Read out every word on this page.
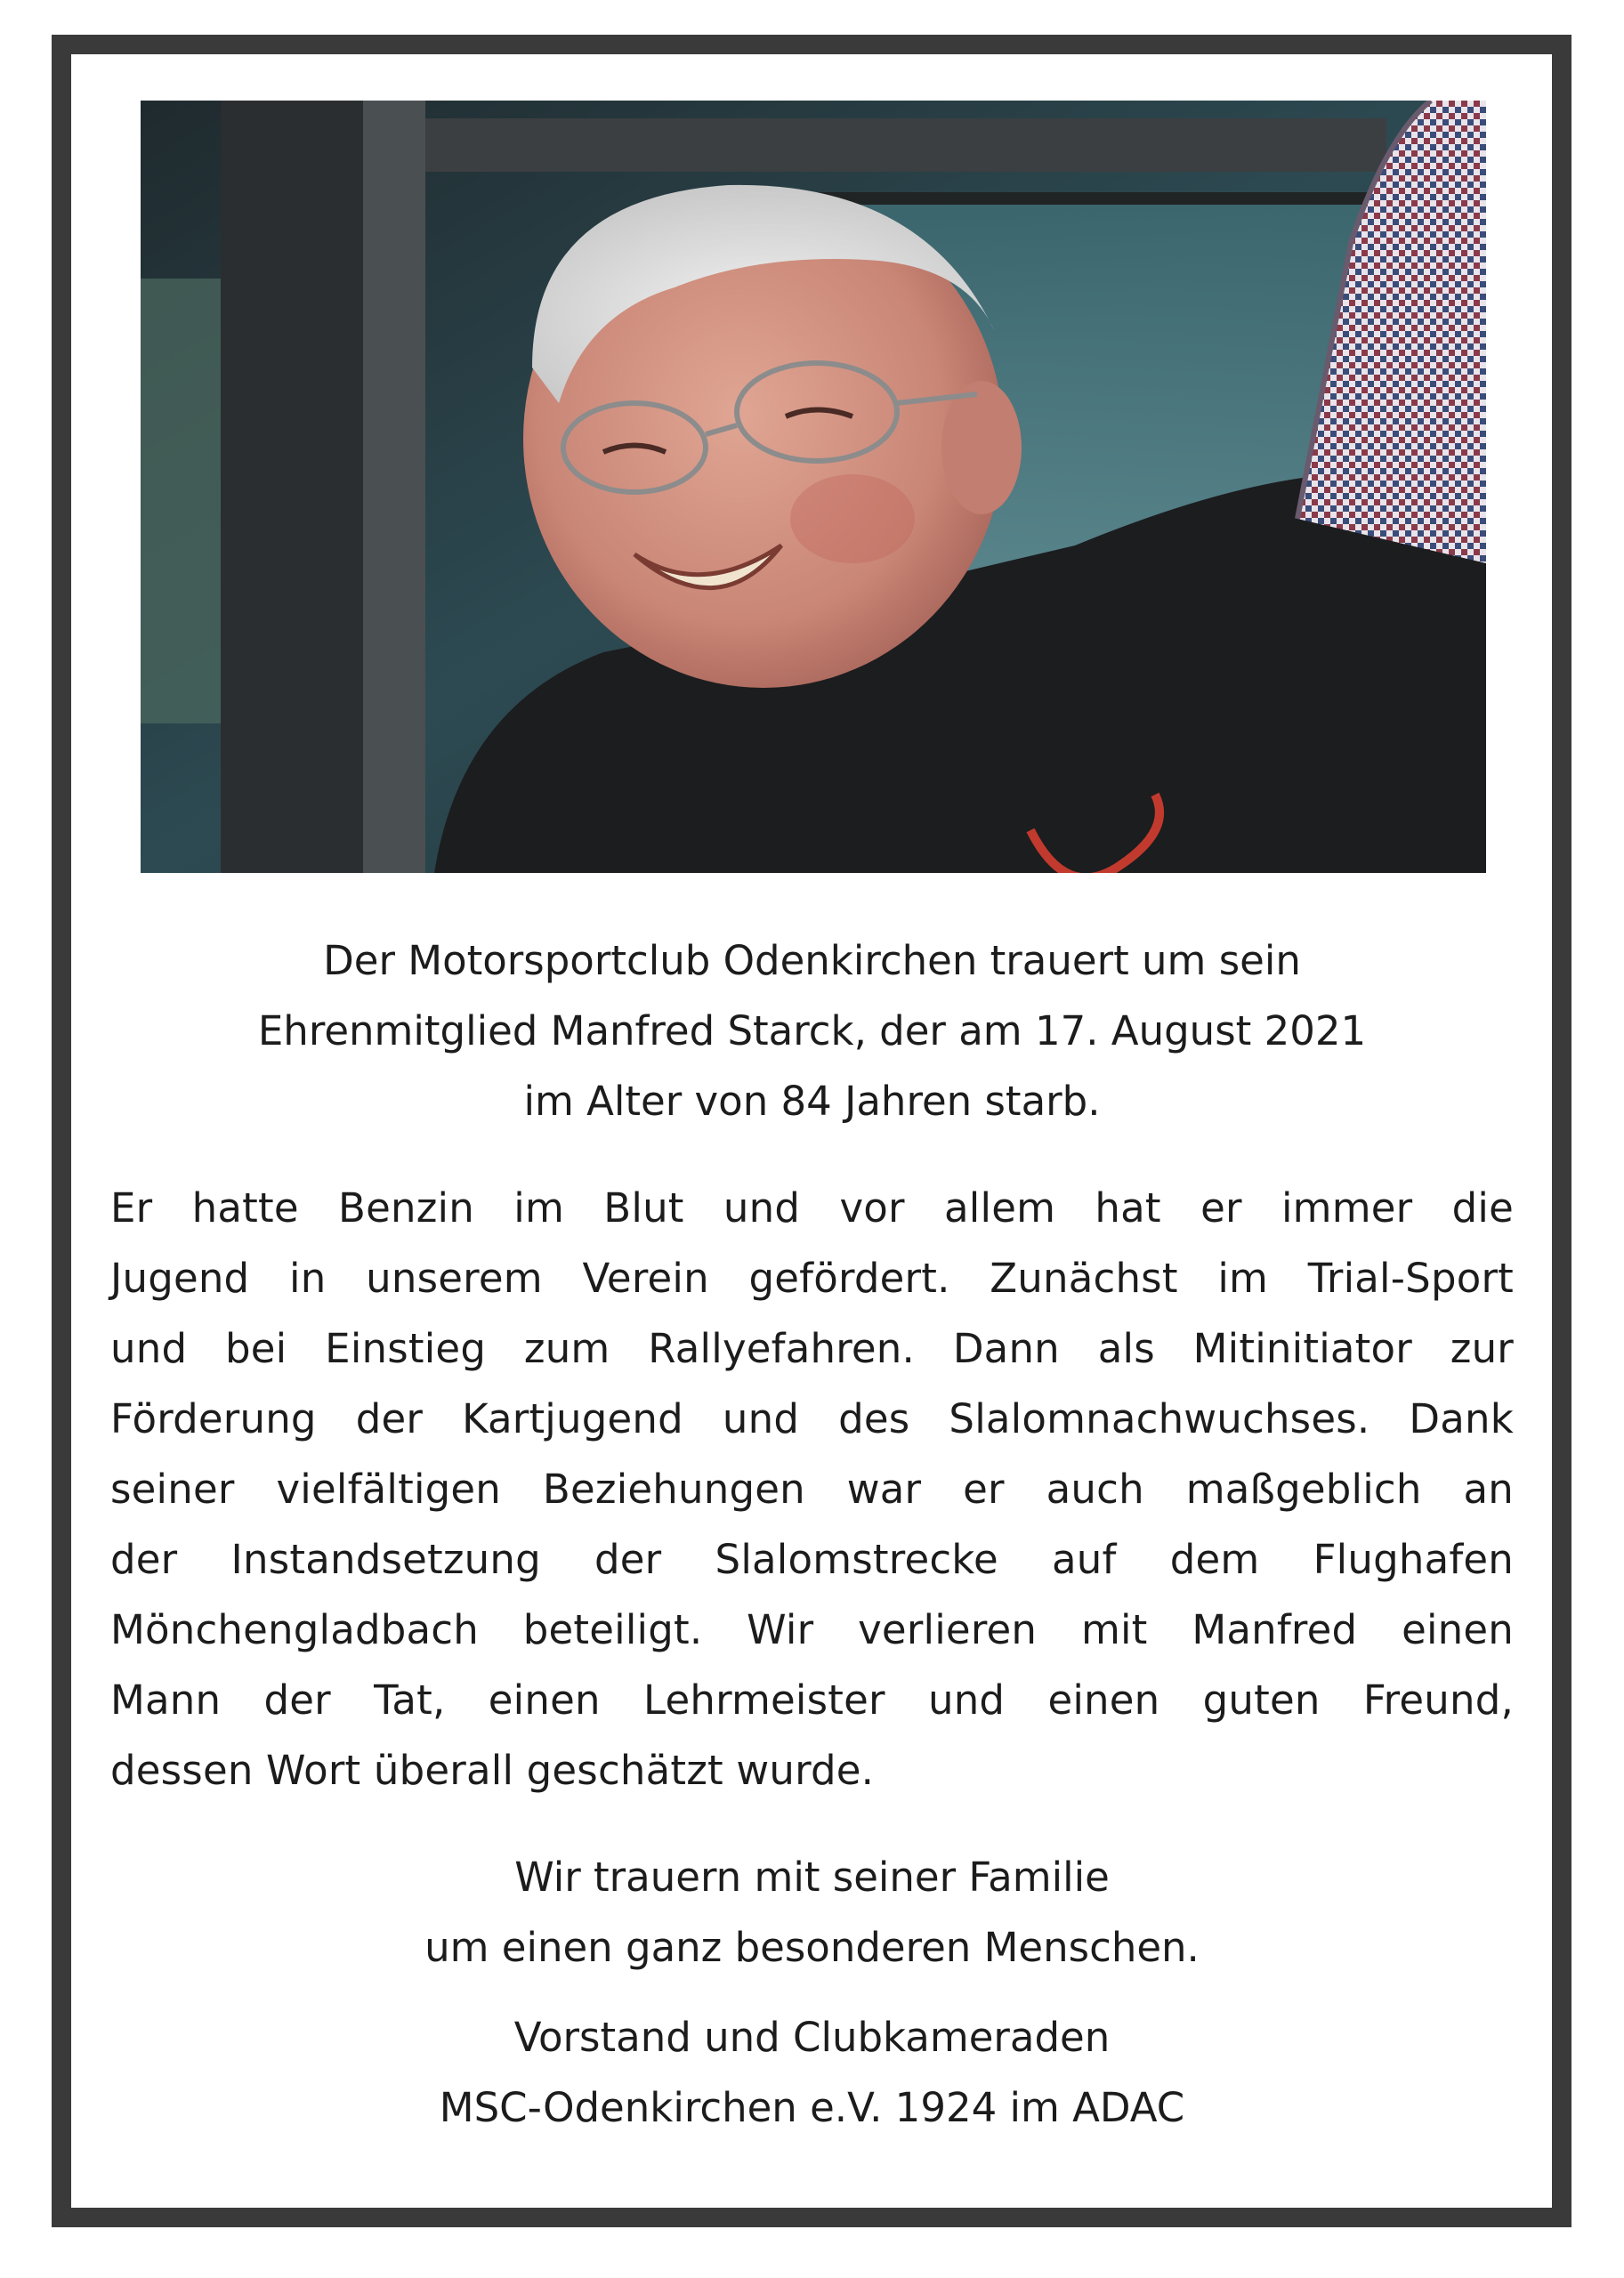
Der Motorsportclub Odenkirchen trauert um sein
Ehrenmitglied Manfred Starck, der am 17. August 2021
im Alter von 84 Jahren starb.
Er hatte Benzin im Blut und vor allem hat er immer die
Jugend in unserem Verein gefördert. Zunächst im Trial-Sport
und bei Einstieg zum Rallyefahren. Dann als Mitinitiator zur
Förderung der Kartjugend und des Slalomnachwuchses. Dank
seiner vielfältigen Beziehungen war er auch maßgeblich an
der Instandsetzung der Slalomstrecke auf dem Flughafen
Mönchengladbach beteiligt. Wir verlieren mit Manfred einen
Mann der Tat, einen Lehrmeister und einen guten Freund,
dessen Wort überall geschätzt wurde.
Wir trauern mit seiner Familie
um einen ganz besonderen Menschen.
Vorstand und Clubkameraden
MSC-Odenkirchen e.V. 1924 im ADAC
